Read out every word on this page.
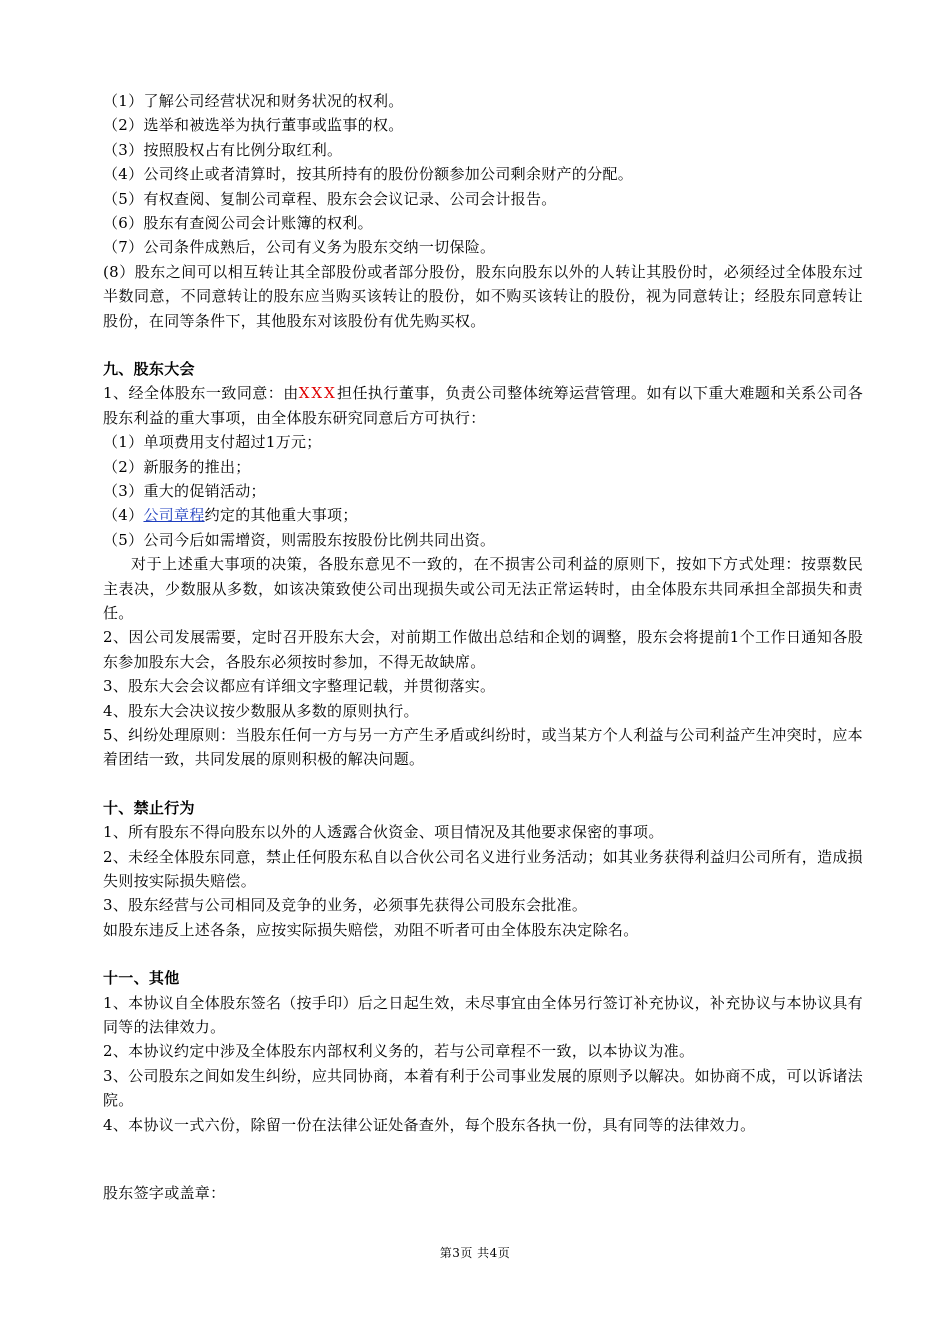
（1）了解公司经营状况和财务状况的权利。
（2）选举和被选举为执行董事或监事的权。
（3）按照股权占有比例分取红利。
（4）公司终止或者清算时，按其所持有的股份份额参加公司剩余财产的分配。
（5）有权查阅、复制公司章程、股东会会议记录、公司会计报告。
（6）股东有查阅公司会计账簿的权利。
（7）公司条件成熟后，公司有义务为股东交纳一切保险。
(8）股东之间可以相互转让其全部股份或者部分股份，股东向股东以外的人转让其股份时，必须经过全体股东过半数同意，不同意转让的股东应当购买该转让的股份，如不购买该转让的股份，视为同意转让；经股东同意转让股份，在同等条件下，其他股东对该股份有优先购买权。
九、股东大会
1、经全体股东一致同意：由XXX担任执行董事，负责公司整体统筹运营管理。如有以下重大难题和关系公司各股东利益的重大事项，由全体股东研究同意后方可执行：
（1）单项费用支付超过1万元；
（2）新服务的推出；
（3）重大的促销活动；
（4）公司章程约定的其他重大事项；
（5）公司今后如需增资，则需股东按股份比例共同出资。
对于上述重大事项的决策，各股东意见不一致的，在不损害公司利益的原则下，按如下方式处理：按票数民主表决，少数服从多数，如该决策致使公司出现损失或公司无法正常运转时，由全体股东共同承担全部损失和责任。
2、因公司发展需要，定时召开股东大会，对前期工作做出总结和企划的调整，股东会将提前1个工作日通知各股东参加股东大会，各股东必须按时参加，不得无故缺席。
3、股东大会会议都应有详细文字整理记载，并贯彻落实。
4、股东大会决议按少数服从多数的原则执行。
5、纠纷处理原则：当股东任何一方与另一方产生矛盾或纠纷时，或当某方个人利益与公司利益产生冲突时，应本着团结一致，共同发展的原则积极的解决问题。
十、禁止行为
1、所有股东不得向股东以外的人透露合伙资金、项目情况及其他要求保密的事项。
2、未经全体股东同意，禁止任何股东私自以合伙公司名义进行业务活动；如其业务获得利益归公司所有，造成损失则按实际损失赔偿。
3、股东经营与公司相同及竞争的业务，必须事先获得公司股东会批准。
如股东违反上述各条，应按实际损失赔偿，劝阻不听者可由全体股东决定除名。
十一、其他
1、本协议自全体股东签名（按手印）后之日起生效，未尽事宜由全体另行签订补充协议，补充协议与本协议具有同等的法律效力。
2、本协议约定中涉及全体股东内部权利义务的，若与公司章程不一致，以本协议为准。
3、公司股东之间如发生纠纷，应共同协商，本着有利于公司事业发展的原则予以解决。如协商不成，可以诉诸法院。
4、本协议一式六份，除留一份在法律公证处备查外，每个股东各执一份，具有同等的法律效力。
股东签字或盖章：
第3页 共4页
